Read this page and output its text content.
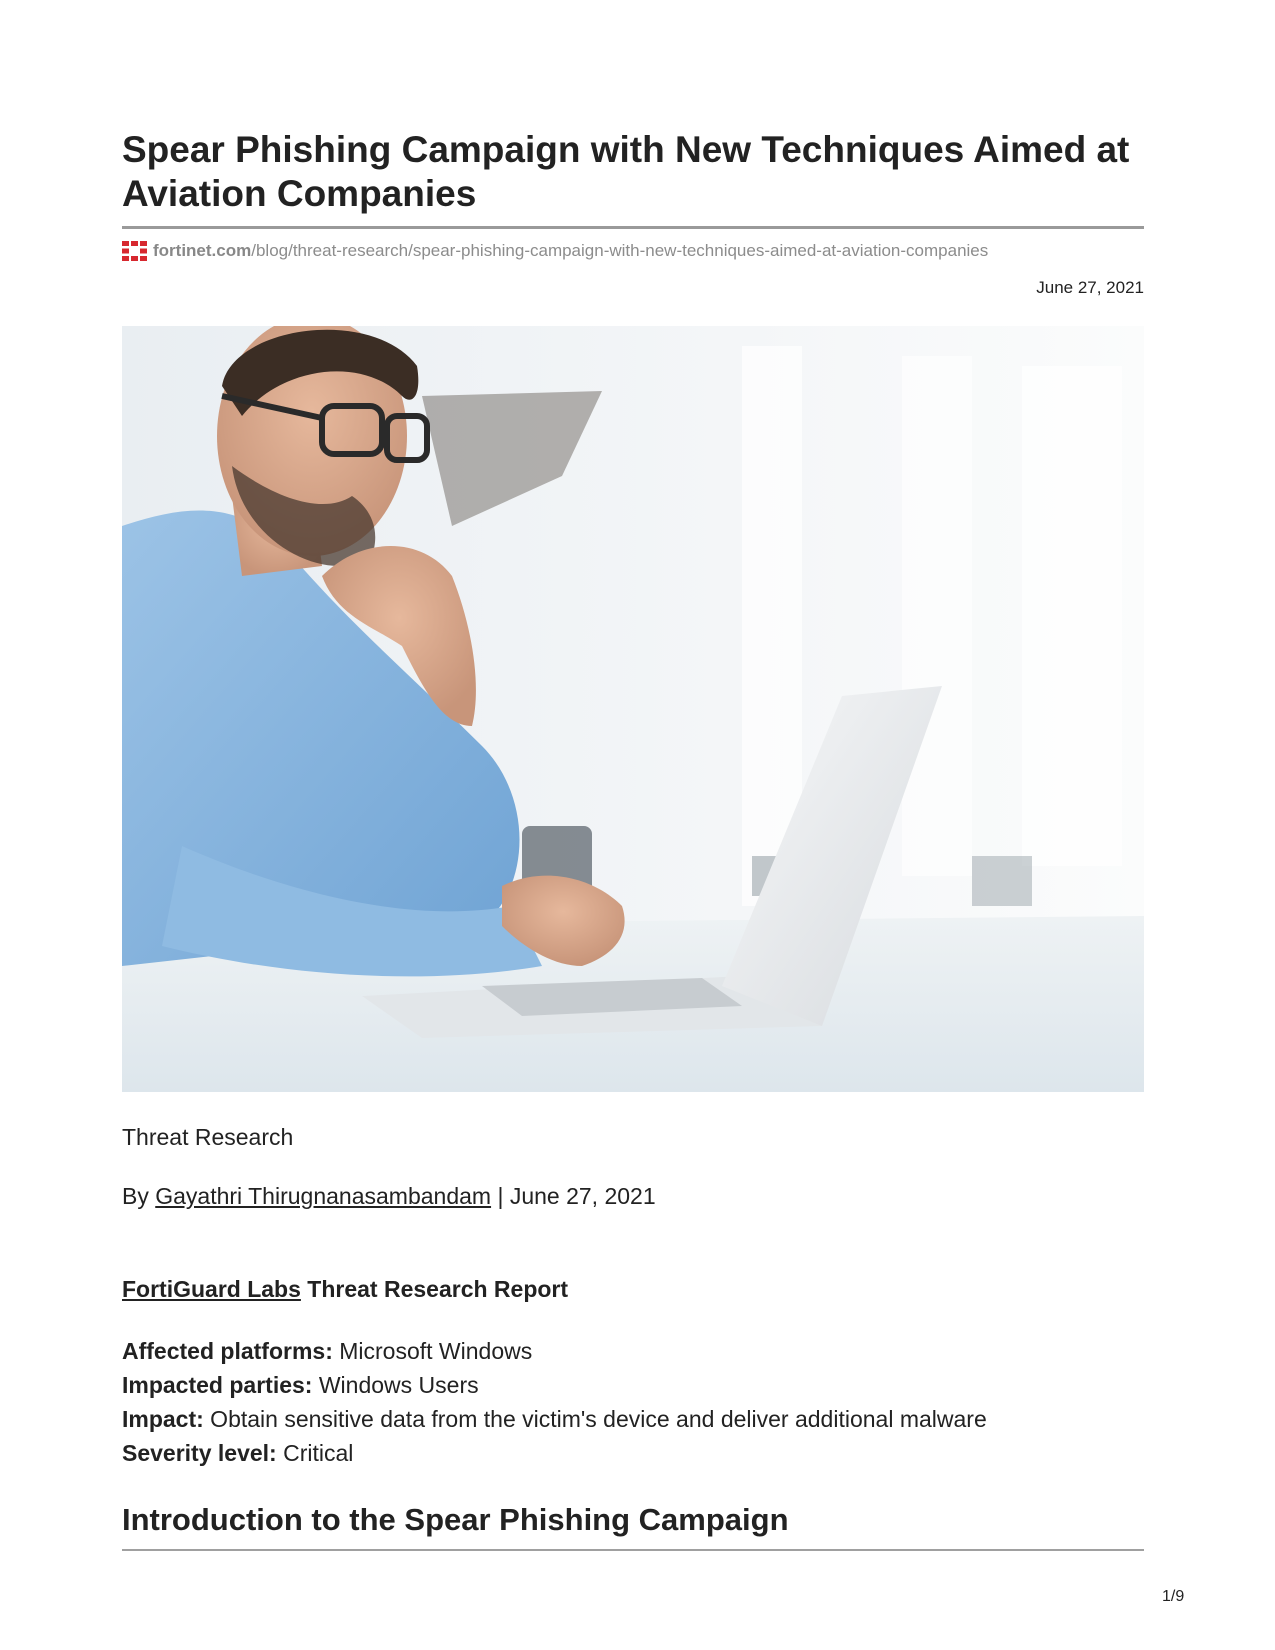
Spear Phishing Campaign with New Techniques Aimed at Aviation Companies
fortinet.com /blog/threat-research/spear-phishing-campaign-with-new-techniques-aimed-at-aviation-companies
June 27, 2021
Threat Research
By Gayathri Thirugnanasambandam | June 27, 2021
FortiGuard Labs Threat Research Report
Affected platforms: Microsoft Windows
Impacted parties: Windows Users
Impact: Obtain sensitive data from the victim's device and deliver additional malware
Severity level: Critical
Introduction to the Spear Phishing Campaign
1/9
